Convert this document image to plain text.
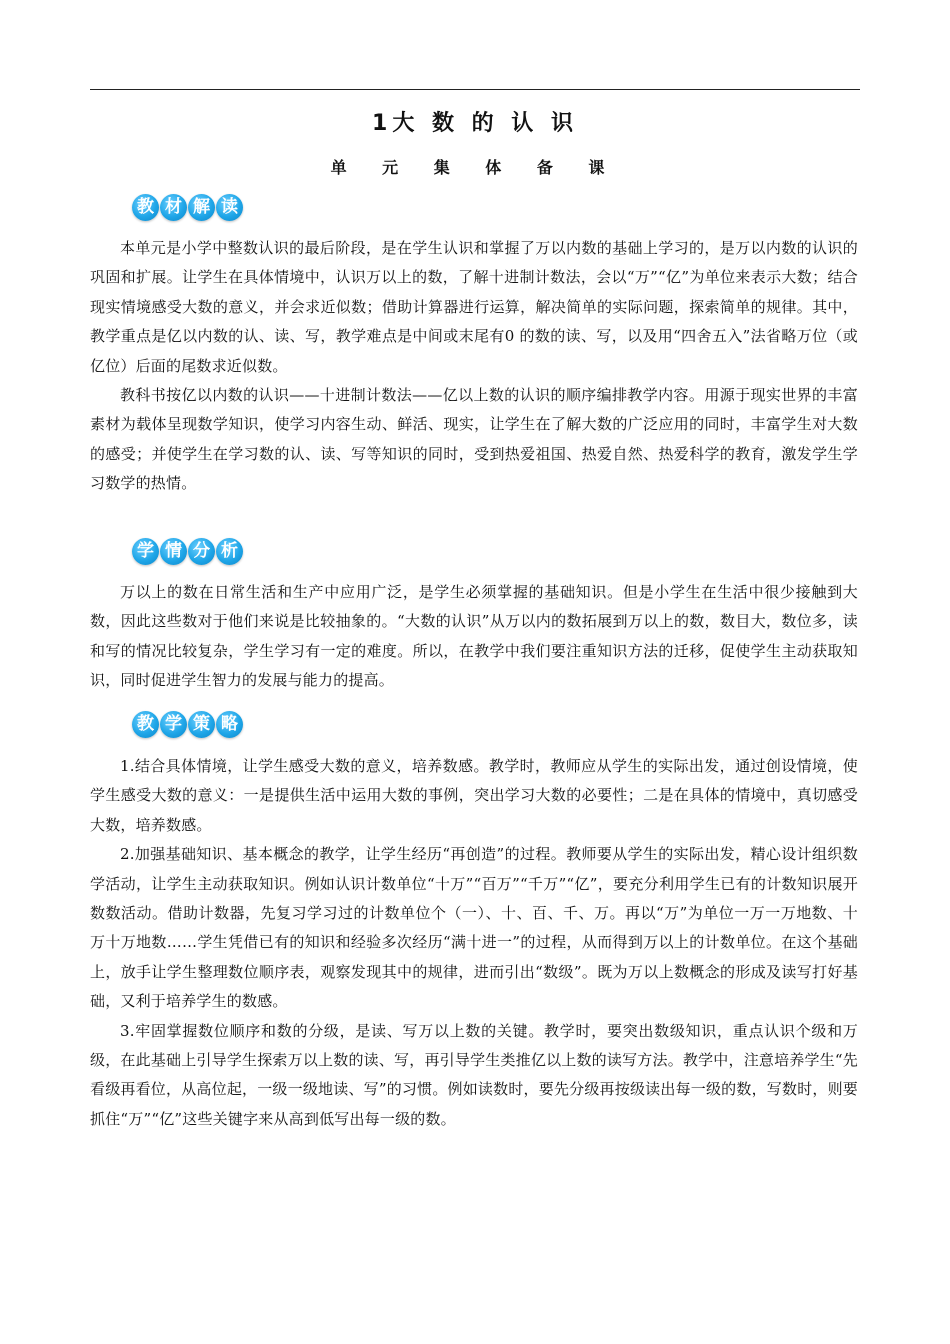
1大 数 的 认 识
单 元 集 体 备 课
教 材 解 读

本单元是小学中整数认识的最后阶段，是在学生认识和掌握了万以内数的基础上学习的，是万以内数的认识的巩固和扩展。让学生在具体情境中，认识万以上的数，了解十进制计数法，会以“万”“亿”为单位来表示大数；结合现实情境感受大数的意义，并会求近似数；借助计算器进行运算，解决简单的实际问题，探索简单的规律。其中，教学重点是亿以内数的认、读、写，教学难点是中间或末尾有0 的数的读、写，以及用“四舍五入”法省略万位（或亿位）后面的尾数求近似数。

教科书按亿以内数的认识——十进制计数法——亿以上数的认识的顺序编排教学内容。用源于现实世界的丰富素材为载体呈现数学知识，使学习内容生动、鲜活、现实，让学生在了解大数的广泛应用的同时，丰富学生对大数的感受；并使学生在学习数的认、读、写等知识的同时，受到热爱祖国、热爱自然、热爱科学的教育，激发学生学习数学的热情。

学 情 分 析

万以上的数在日常生活和生产中应用广泛，是学生必须掌握的基础知识。但是小学生在生活中很少接触到大数，因此这些数对于他们来说是比较抽象的。“大数的认识”从万以内的数拓展到万以上的数，数目大，数位多，读和写的情况比较复杂，学生学习有一定的难度。所以，在教学中我们要注重知识方法的迁移，促使学生主动获取知识，同时促进学生智力的发展与能力的提高。

教 学 策 略

1.结合具体情境，让学生感受大数的意义，培养数感。教学时，教师应从学生的实际出发，通过创设情境，使学生感受大数的意义：一是提供生活中运用大数的事例，突出学习大数的必要性；二是在具体的情境中，真切感受大数，培养数感。

2.加强基础知识、基本概念的教学，让学生经历“再创造”的过程。教师要从学生的实际出发，精心设计组织数学活动，让学生主动获取知识。例如认识计数单位“十万”“百万”“千万”“亿”，要充分利用学生已有的计数知识展开数数活动。借助计数器，先复习学习过的计数单位个（一）、十、百、千、万。再以“万”为单位一万一万地数、十万十万地数……学生凭借已有的知识和经验多次经历“满十进一”的过程，从而得到万以上的计数单位。在这个基础上，放手让学生整理数位顺序表，观察发现其中的规律，进而引出“数级”。既为万以上数概念的形成及读写打好基础，又利于培养学生的数感。

3.牢固掌握数位顺序和数的分级，是读、写万以上数的关键。教学时，要突出数级知识，重点认识个级和万级，在此基础上引导学生探索万以上数的读、写，再引导学生类推亿以上数的读写方法。教学中，注意培养学生“先看级再看位，从高位起，一级一级地读、写”的习惯。例如读数时，要先分级再按级读出每一级的数，写数时，则要抓住“万”“亿”这些关键字来从高到低写出每一级的数。
